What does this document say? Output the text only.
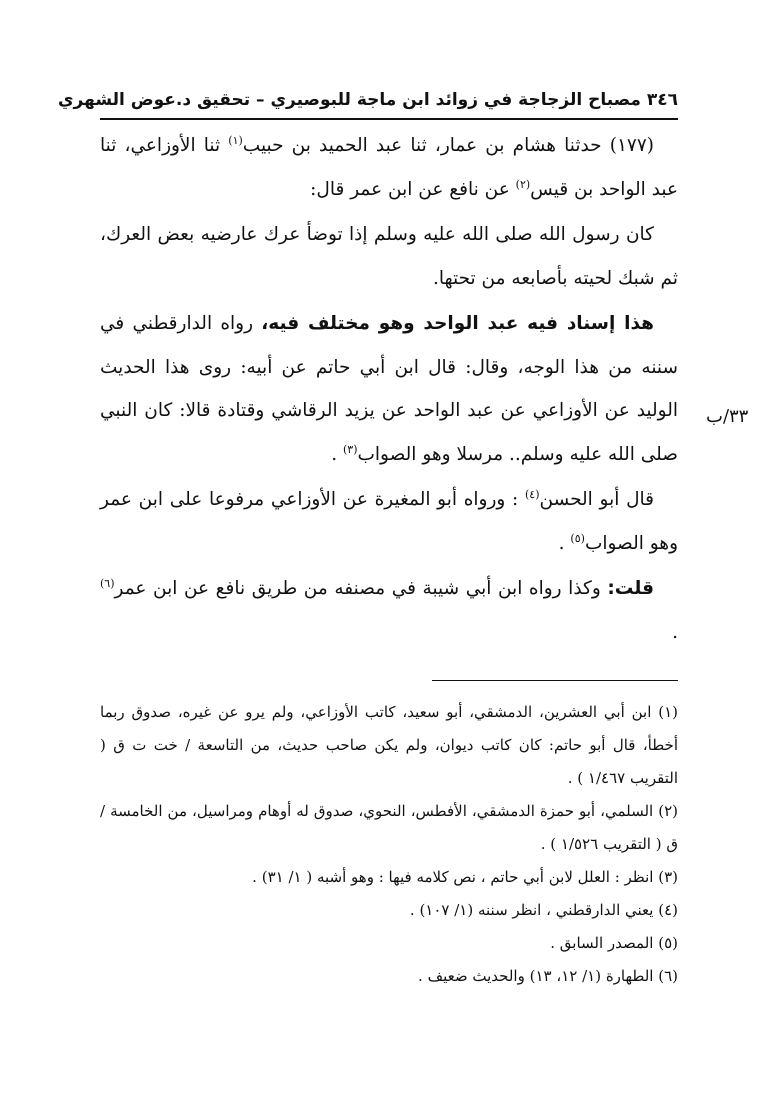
٣٤٦ مصباح الزجاجة في زوائد ابن ماجة للبوصيري – تحقيق د.عوض الشهري
٣٣/ب

(١٧٧) حدثنا هشام بن عمار، ثنا عبد الحميد بن حبيب$^{(١)}$ ثنا الأوزاعي، ثنا عبد الواحد بن قيس$^{(٢)}$ عن نافع عن ابن عمر قال:

كان رسول الله صلى الله عليه وسلم إذا توضأ عرك عارضيه بعض العرك، ثم شبك لحيته بأصابعه من تحتها.

هذا إسناد فيه عبد الواحد وهو مختلف فيه، رواه الدارقطني في سننه من هذا الوجه، وقال: قال ابن أبي حاتم عن أبيه: روى هذا الحديث الوليد عن الأوزاعي عن عبد الواحد عن يزيد الرقاشي وقتادة قالا: كان النبي صلى الله عليه وسلم.. مرسلا وهو الصواب$^{(٣)}$ .

قال أبو الحسن$^{(٤)}$ : ورواه أبو المغيرة عن الأوزاعي مرفوعا على ابن عمر وهو الصواب$^{(٥)}$ .

قلت: وكذا رواه ابن أبي شيبة في مصنفه من طريق نافع عن ابن عمر$^{(٦)}$ .

(١) ابن أبي العشرين، الدمشقي، أبو سعيد، كاتب الأوزاعي، ولم يرو عن غيره، صدوق ربما أخطأ، قال أبو حاتم: كان كاتب ديوان، ولم يكن صاحب حديث، من التاسعة / خت ت ق ( التقريب ١/٤٦٧ ) .

(٢) السلمي، أبو حمزة الدمشقي، الأفطس، النحوي، صدوق له أوهام ومراسيل، من الخامسة / ق ( التقريب ١/٥٢٦ ) .

(٣) انظر : العلل لابن أبي حاتم ، نص كلامه فيها : وهو أشبه ( ١/ ٣١) .

(٤) يعني الدارقطني ، انظر سننه (١/ ١٠٧) .

(٥) المصدر السابق .

(٦) الطهارة (١/ ١٢، ١٣) والحديث ضعيف .
